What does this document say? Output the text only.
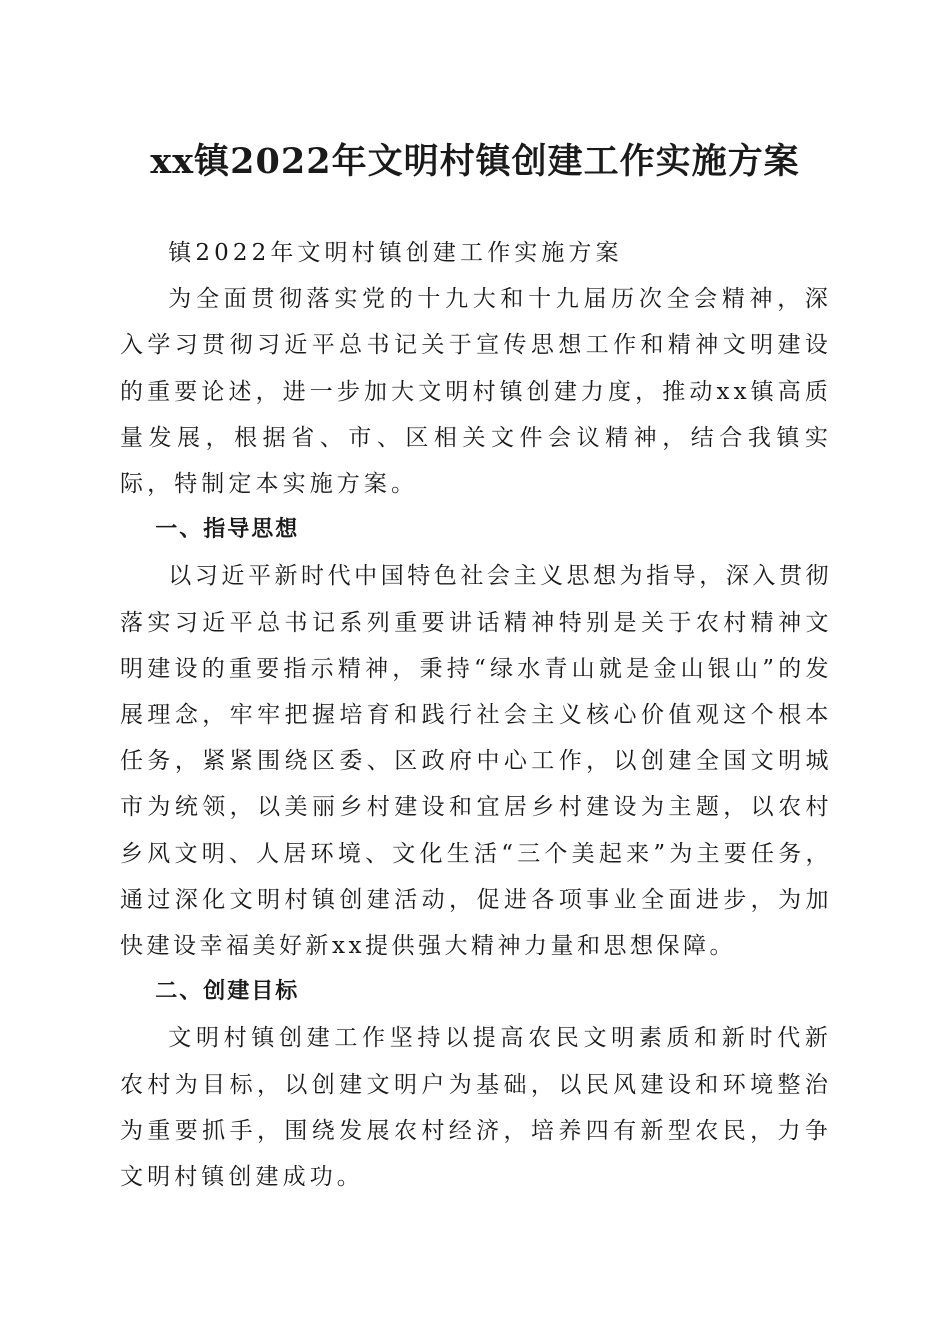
xx镇2022年文明村镇创建工作实施方案

镇2022年文明村镇创建工作实施方案

为全面贯彻落实党的十九大和十九届历次全会精神，深入学习贯彻习近平总书记关于宣传思想工作和精神文明建设的重要论述，进一步加大文明村镇创建力度，推动xx镇高质量发展，根据省、市、区相关文件会议精神，结合我镇实际，特制定本实施方案。

一、指导思想

以习近平新时代中国特色社会主义思想为指导，深入贯彻落实习近平总书记系列重要讲话精神特别是关于农村精神文明建设的重要指示精神，秉持“绿水青山就是金山银山”的发展理念，牢牢把握培育和践行社会主义核心价值观这个根本任务，紧紧围绕区委、区政府中心工作，以创建全国文明城市为统领，以美丽乡村建设和宜居乡村建设为主题，以农村乡风文明、人居环境、文化生活“三个美起来”为主要任务，通过深化文明村镇创建活动，促进各项事业全面进步，为加快建设幸福美好新xx提供强大精神力量和思想保障。

二、创建目标

文明村镇创建工作坚持以提高农民文明素质和新时代新农村为目标，以创建文明户为基础，以民风建设和环境整治为重要抓手，围绕发展农村经济，培养四有新型农民，力争文明村镇创建成功。
